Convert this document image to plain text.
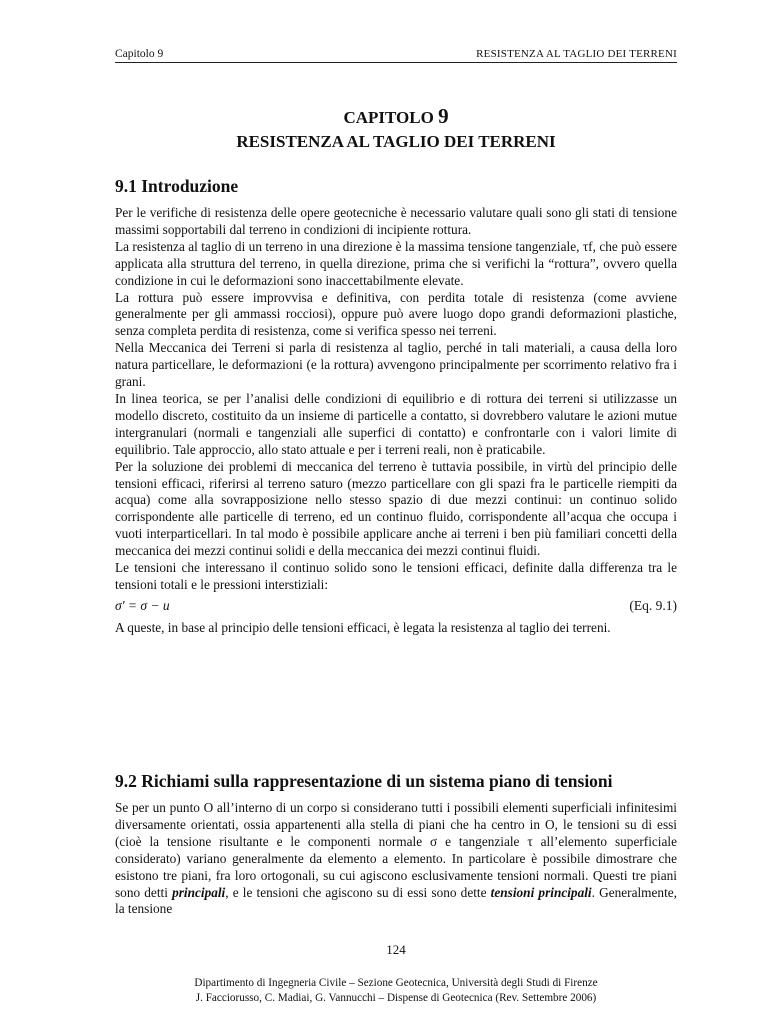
Capitolo 9	RESISTENZA AL TAGLIO DEI TERRENI
CAPITOLO 9
RESISTENZA AL TAGLIO DEI TERRENI
9.1 Introduzione

Per le verifiche di resistenza delle opere geotecniche è necessario valutare quali sono gli stati di tensione massimi sopportabili dal terreno in condizioni di incipiente rottura.

La resistenza al taglio di un terreno in una direzione è la massima tensione tangenziale, τf, che può essere applicata alla struttura del terreno, in quella direzione, prima che si verifichi la “rottura”, ovvero quella condizione in cui le deformazioni sono inaccettabilmente elevate.

La rottura può essere improvvisa e definitiva, con perdita totale di resistenza (come avviene generalmente per gli ammassi rocciosi), oppure può avere luogo dopo grandi deformazioni plastiche, senza completa perdita di resistenza, come si verifica spesso nei terreni.

Nella Meccanica dei Terreni si parla di resistenza al taglio, perché in tali materiali, a causa della loro natura particellare, le deformazioni (e la rottura) avvengono principalmente per scorrimento relativo fra i grani.

In linea teorica, se per l’analisi delle condizioni di equilibrio e di rottura dei terreni si utilizzasse un modello discreto, costituito da un insieme di particelle a contatto, si dovrebbero valutare le azioni mutue intergranulari (normali e tangenziali alle superfici di contatto) e confrontarle con i valori limite di equilibrio. Tale approccio, allo stato attuale e per i terreni reali, non è praticabile.

Per la soluzione dei problemi di meccanica del terreno è tuttavia possibile, in virtù del principio delle tensioni efficaci, riferirsi al terreno saturo (mezzo particellare con gli spazi fra le particelle riempiti da acqua) come alla sovrapposizione nello stesso spazio di due mezzi continui: un continuo solido corrispondente alle particelle di terreno, ed un continuo fluido, corrispondente all’acqua che occupa i vuoti interparticellari. In tal modo è possibile applicare anche ai terreni i ben più familiari concetti della meccanica dei mezzi continui solidi e della meccanica dei mezzi continui fluidi.

Le tensioni che interessano il continuo solido sono le tensioni efficaci, definite dalla differenza tra le tensioni totali e le pressioni interstiziali:

σ' = σ − u	(Eq. 9.1)

A queste, in base al principio delle tensioni efficaci, è legata la resistenza al taglio dei terreni.

9.2 Richiami sulla rappresentazione di un sistema piano di tensioni

Se per un punto O all’interno di un corpo si considerano tutti i possibili elementi superficiali infinitesimi diversamente orientati, ossia appartenenti alla stella di piani che ha centro in O, le tensioni su di essi (cioè la tensione risultante e le componenti normale σ e tangenziale τ all’elemento superficiale considerato) variano generalmente da elemento a elemento. In particolare è possibile dimostrare che esistono tre piani, fra loro ortogonali, su cui agiscono esclusivamente tensioni normali. Questi tre piani sono detti principali, e le tensioni che agiscono su di essi sono dette tensioni principali. Generalmente, la tensione

124
Dipartimento di Ingegneria Civile – Sezione Geotecnica, Università degli Studi di Firenze
J. Facciorusso, C. Madiai, G. Vannucchi – Dispense di Geotecnica (Rev. Settembre 2006)
